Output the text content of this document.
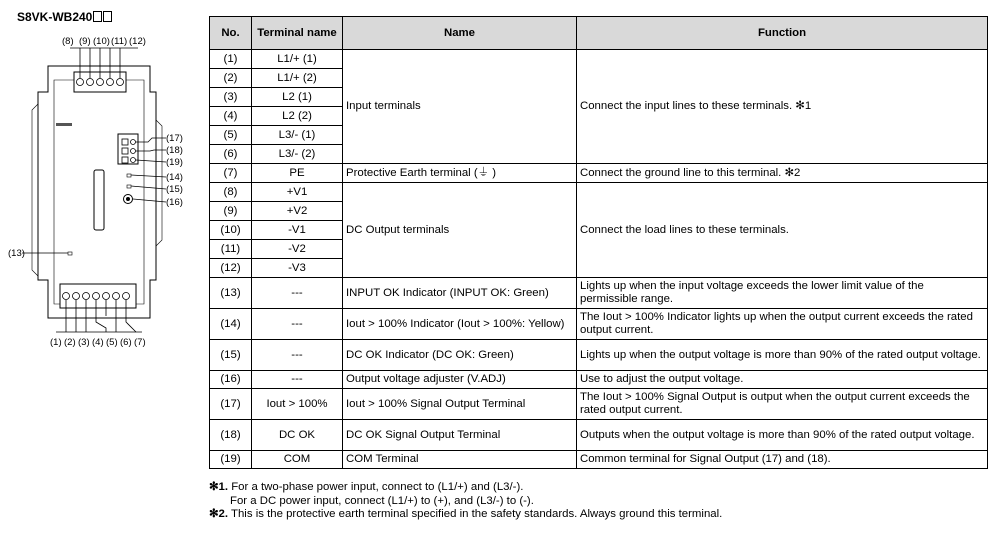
S8VK-WB240
(8) (9) (10) (11) (12)
(17)
(18)
(19)
(14)
(15)
(16)
(13)
(1) (2) (3) (4) (5) (6) (7)
No.	Terminal name	Name	Function
(1)	L1/+ (1)	Input terminals	Connect the input lines to these terminals. ✻1
(2)	L1/+ (2)		
(3)	L2 (1)		
(4)	L2 (2)		
(5)	L3/- (1)		
(6)	L3/- (2)		
(7)	PE	Protective Earth terminal (⏚ )	Connect the ground line to this terminal. ✻2
(8)	+V1	DC Output terminals	Connect the load lines to these terminals.
(9)	+V2		
(10)	-V1		
(11)	-V2		
(12)	-V3		
(13)	---	INPUT OK Indicator (INPUT OK: Green)	Lights up when the input voltage exceeds the lower limit value of the permissible range.
(14)	---	Iout > 100% Indicator (Iout > 100%: Yellow)	The Iout > 100% Indicator lights up when the output current exceeds the rated output current.
(15)	---	DC OK Indicator (DC OK: Green)	Lights up when the output voltage is more than 90% of the rated output voltage.
(16)	---	Output voltage adjuster (V.ADJ)	Use to adjust the output voltage.
(17)	Iout > 100%	Iout > 100% Signal Output Terminal	The Iout > 100% Signal Output is output when the output current exceeds the rated output current.
(18)	DC OK	DC OK Signal Output Terminal	Outputs when the output voltage is more than 90% of the rated output voltage.
(19)	COM	COM Terminal	Common terminal for Signal Output (17) and (18).
✻1. For a two-phase power input, connect to (L1/+) and (L3/-).
For a DC power input, connect (L1/+) to (+), and (L3/-) to (-).
✻2. This is the protective earth terminal specified in the safety standards. Always ground this terminal.
